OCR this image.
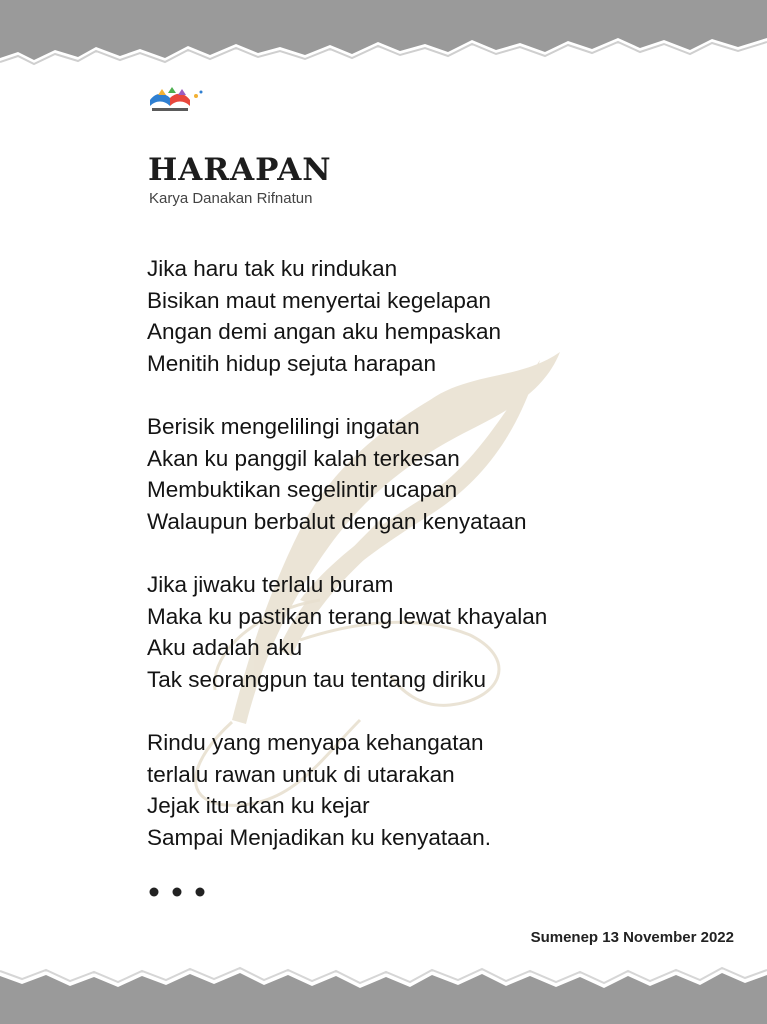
HARAPAN
Karya Danakan Rifnatun
Jika haru tak ku rindukan
Bisikan maut menyertai kegelapan
Angan demi angan aku hempaskan
Menitih hidup sejuta harapan
Berisik mengelilingi ingatan
Akan ku panggil kalah terkesan
Membuktikan segelintir ucapan
Walaupun berbalut dengan kenyataan
Jika jiwaku terlalu buram
Maka ku pastikan terang lewat khayalan
Aku adalah aku
Tak seorangpun tau tentang diriku
Rindu yang menyapa kehangatan
terlalu rawan untuk di utarakan
Jejak itu akan ku kejar
Sampai Menjadikan ku kenyataan.
Sumenep 13 November 2022
